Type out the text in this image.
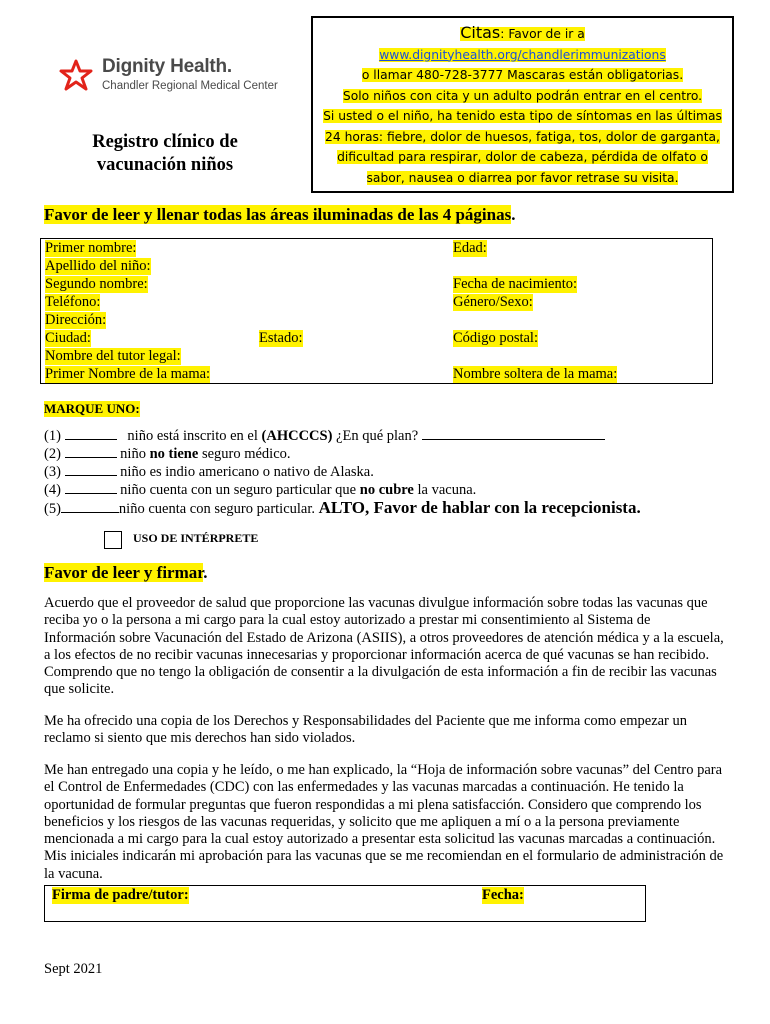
Dignity Health.
Chandler Regional Medical Center
Registro clínico de
vacunación niños
Citas: Favor de ir a
www.dignityhealth.org/chandlerimmunizations
o llamar 480-728-3777 Mascaras están obligatorias.
Solo niños con cita y un adulto podrán entrar en el centro.
Si usted o el niño, ha tenido esta tipo de síntomas en las últimas
24 horas: fiebre, dolor de huesos, fatiga, tos, dolor de garganta,
dificultad para respirar, dolor de cabeza, pérdida de olfato o
sabor, nausea o diarrea por favor retrase su visita.
Favor de leer y llenar todas las áreas iluminadas de las 4 páginas.
Primer nombre:	Edad:
Apellido del niño:
Segundo nombre:	Fecha de nacimiento:
Teléfono:	Género/Sexo:
Dirección:
Ciudad:	Estado:	Código postal:
Nombre del tutor legal:
Primer Nombre de la mama:	Nombre soltera de la mama:
MARQUE UNO:
(1)	niño está inscrito en el (AHCCCS) ¿En qué plan?
(2)	niño no tiene seguro médico.
(3)	niño es indio americano o nativo de Alaska.
(4)	niño cuenta con un seguro particular que no cubre la vacuna.
(5)	niño cuenta con seguro particular. ALTO, Favor de hablar con la recepcionista.
USO DE INTÉRPRETE
Favor de leer y firmar.
Acuerdo que el proveedor de salud que proporcione las vacunas divulgue información sobre todas las vacunas que reciba yo o la persona a mi cargo para la cual estoy autorizado a prestar mi consentimiento al Sistema de Información sobre Vacunación del Estado de Arizona (ASIIS), a otros proveedores de atención médica y a la escuela, a los efectos de no recibir vacunas innecesarias y proporcionar información acerca de qué vacunas se han recibido. Comprendo que no tengo la obligación de consentir a la divulgación de esta información a fin de recibir las vacunas que solicite.
Me ha ofrecido una copia de los Derechos y Responsabilidades del Paciente que me informa como empezar un reclamo si siento que mis derechos han sido violados.
Me han entregado una copia y he leído, o me han explicado, la “Hoja de información sobre vacunas” del Centro para el Control de Enfermedades (CDC) con las enfermedades y las vacunas marcadas a continuación. He tenido la oportunidad de formular preguntas que fueron respondidas a mi plena satisfacción. Considero que comprendo los beneficios y los riesgos de las vacunas requeridas, y solicito que me apliquen a mí o a la persona previamente mencionada a mi cargo para la cual estoy autorizado a presentar esta solicitud las vacunas marcadas a continuación. Mis iniciales indicarán mi aprobación para las vacunas que se me recomiendan en el formulario de administración de la vacuna.
Firma de padre/tutor:	Fecha:
Sept 2021
